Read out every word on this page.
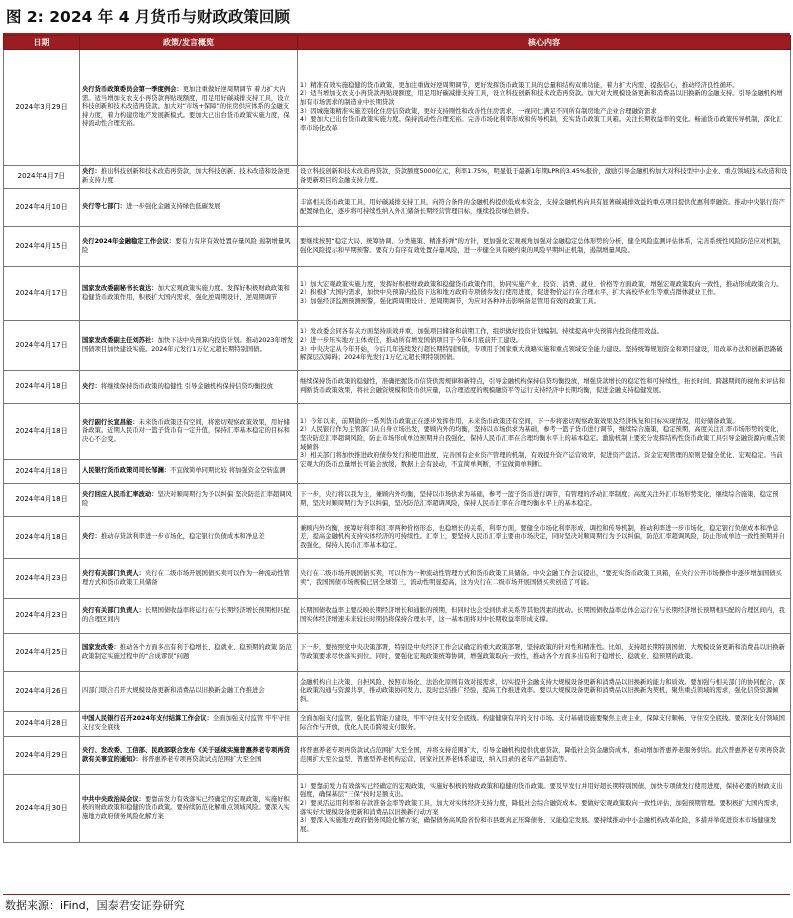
图 2: 2024 年 4 月货币与财政政策回顾
日期	政策/发言概览	核心内容
2024年3月29日	央行货币政策委员会第一季度例会：更加注重做好逆周期调节 着力扩大内需。适当增加支农支小再贷款再贴现额度，用足用好碳减排支持工具，设立科技创新和技术改造再贷款。加大对“市场+保障”的住房供应体系的金融支持力度，着力构建房地产发展新模式。要加大已出台货币政策实施力度，保持流动性合理充裕。	1）精准有效实施稳健的货币政策，更加注重做好逆周期调节，更好发挥货币政策工具的总量和结构双重功能，着力扩大内需、提振信心，推动经济良性循环。
2）适当增加支农支小再贷款再贴现额度，用足用好碳减排支持工具，设立科技创新和技术改造再贷款。加大对大规模设备更新和消费品以旧换新的金融支持。引导金融机构增加有市场需求的制造业中长期贷款
3）因城施策精准实施差别化住房信贷政策，更好支持刚性和改善性住房需求，一视同仁满足不同所有制房地产企业合理融资需求
4）要加大已出台货币政策实施力度。保持流动性合理充裕。完善市场化利率形成和传导机制，充实货币政策工具箱。关注长期收益率的变化。畅通货币政策传导机制，深化汇率市场化改革
2024年4月7日	央行：推出科技创新和技术改造再贷款，加大科技创新、技术改造和设备更新支持力度	设立科技创新和技术改造再贷款，贷款额度5000亿元，利率1.75%，明显低于最新1年期LPR的3.45%报价，激励引导金融机构加大对科技型中小企业、重点领域技术改造和设备更新项目的金融支持力度。
2024年4月10日	央行等七部门：进一步强化金融支持绿色低碳发展	丰富相关货币政策工具，用好碳减排支持工具，向符合条件的金融机构提供低成本资金，支持金融机构向具有显著碳减排效益的重点项目提供优惠利率融资。推动中央银行资产配置绿色化，逐步将可持续性纳入外汇储备长期经营管理目标，继续投资绿色债券。
2024年4月15日	央行2024年金融稳定工作会议：要有力有序有效处置存量风险 遏制增量风险	要继续按照“稳定大局、统筹协调、分类施策、精准拆弹”的方针，更加强化宏观视角加强对金融稳定总体形势的分析，健全风险监测评估体系，完善系统性风险防范应对机制，强化风险提示和早期预警。要有力有序有效处置存量风险，进一步健全具有硬约束的风险早期纠正机制，遏制增量风险。
2024年4月17日	国家发改委副秘书长袁达：加大宏观政策实施力度。发挥好积极财政政策和稳健货币政策作用，积极扩大国内需求，强化逆周期设计、逆周期调节	1）加大宏观政策实施力度，发挥好积极财政政策和稳健货币政策作用，协同实施产业、投资、消费、就业、价格等方面政策，增强宏观政策取向一致性，推动形成政策合力。
2）积极扩大国内需求，加快中央预算内投资下达和地方政府专项债券发行使用进度，促进物价运行在合理水平，扩大高校毕业生等重点群体就业工作。
3）加强经济监测预测预警，强化跨周期设计、逆周期调节，为应对各种冲击影响备足管用有效的政策工具。
2024年4月17日	国家发改委副主任刘苏社：加快下达中央预算内投资计划。推动2023年增发国债项目加快建设实施。2024年元发行1万亿元超长期特别国债。	1）发改委会同各有关方面坚持质效并重，加强项目储备和前期工作，组织做好投资计划编制。持续提高中央预算内投资使用效益。
2）进一步压实地方主体责任，推动所有增发国债项目于今年6月底前开工建设。
3）中央决定从今年开始，今后几年连续发行超长期特别国债，专项用于国家重大战略实施和重点领域安全能力建设。坚持统筹规划资金和项目建设，用改革办法和创新思路破解深层次障碍；2024年先发行1万亿元超长期特别国债。
2024年4月18日	央行：将继续保持货币政策的稳健性 引导金融机构保持信贷均衡投放	继续保持货币政策的稳健性，准确把握货币信贷供需规律和新特点，引导金融机构保持信贷均衡投放，增强贷款增长的稳定性和可持续性，拓长时间、跨越期间的视角来评估和判断货币政策效果，将社会融资规模和货币供应量，以合理适度的规模融资平等运行支持经济中长期均衡，促进金融支持稳健发展。
2024年4月18日	央行副行长宣昌能：未来货币政策还有空间，将密切观察政策效果，用好储备政策。近期人民币对一篮子货币有一定升值，保持汇率基本稳定的目标和决心不会变。	1）今年以来，前期做的一系列货币政策正在逐步发挥作用，未来货币政策还有空间，下一步将密切观察政策效果及经济恢复和目标实现情况，用好储备政策。
2）人民银行作为主管部门从自身立场出发，要顾内外的均衡，坚持以市场供求为基础，参考一篮子货币进行调节，继续综合施策，稳定预期，高度关注汇率市场形势的变化，坚决防范汇率超调风险，防止市场形成单边预期并自我强化，保持人民币汇率在合理均衡水平上的基本稳定。激励机制上要充分发挥结构性货币政策工具引导金融资源向重点领域倾斜
3）相关部门将加快推进政府债券发行和使用进度，完善国有企业资产管理的机制，有效提升资产运营效率，促进资产盘活。资金宏观管理的原则是健全优化、宏观稳定。当前宏观大的货币总量增长可能会放缓，数据上会有波动，不宜简单判断，不宜做简单判断。
2024年4月18日	人民银行货币政策司司长邹澜：不宜做简单同期比较 将加强资金空转监测	
2024年4月18日	央行回应人民币汇率波动：坚决对顺周期行为予以纠偏 坚决防范汇率超调风险	下一步，央行将以我为主，兼顾内外均衡，坚持以市场供求为基础，参考一篮子货币进行调节，有管理的浮动汇率制度；高度关注外汇市场形势变化，继续综合施策、稳定预期，坚决对顺周期行为予以纠偏，坚决防范汇率超调风险，保持人民币汇率在合理均衡水平上的基本稳定。
2024年4月18日	央行：推动存贷款利率进一步市场化，稳定银行负债成本和净息差	兼顾内外均衡，统筹好利率和汇率两种价格形态，也稳增长的关系，利率方面，要健全市场化利率形成、调控和传导机制，推动利率进一步市场化，稳定银行负债成本和净息差，提高金融机构支持实体经济的可持续性。汇率上，要坚持人民币汇率主要由市场决定，同时坚决对顺周期行为予以纠偏，防范汇率超调风险，防止形成单边一致性预期并自我强化，保持人民币汇率基本稳定。
2024年4月23日	央行有关部门负责人：央行在二级市场开展国债买卖可以作为一种流动性管理方式和货币政策工具储备	央行在二级市场开展国债买卖，可以作为一种流动性管理方式和货币政策工具储备。中央金融工作会议提出，“要充实货币政策工具箱，在央行公开市场操作中逐步增加国债买卖”，我国国债市场规模已居全球第三，流动性明显提高，这为央行在二级市场开展国债买卖创造了可能。
2024年4月23日	央行有关部门负责人：长期国债收益率将运行在与长期经济增长预期相匹配的合理区间内	长期国债收益率主要反映长期经济增长和通胀的预期，但同时也会受到供求关系等其他因素的扰动。长期国债收益率总体会运行在与长期经济增长预期相匹配的合理区间内，我国实体经济增速未来较长时期仍将保持合理水平，这一基本面将对中长期收益率形成支撑。
2024年4月25日	国家发改委：推动各个方面多出有利于稳增长、稳就业、稳预期的政策 防范政策制定实施过程中的“合成谬误”问题	下一步，要按照党中央决策部署，特别是中央经济工作会议确定的重大政策部署，坚持政策的针对性和精准性。比如，支持超长期特别国债、大规模设备更新和消费品以旧换新等政策要求尽快落实到位。同时，要强化宏观政策统筹协调，增强政策取向一致性，推动各个方面多出有利于稳增长、稳就业、稳预期的政策。
2024年4月26日	四部门联合召开大规模设备更新和消费品以旧换新金融工作推进会	金融机构自主决策、自担风险、按照市场化、法治化原则有效对接需求，切实提升金融支持大规模设备更新和消费品以旧换新的能力和质效。要加强与相关部门的协同配合，深化政策沟通与资源共享，推动政策协同发力，及时总结推广经验，提高工作推进效率。要以大规模设备更新和消费品以旧换新为契机，聚焦重点领域的需求，强化信贷资源倾斜。
2024年4月28日	中国人民银行召开2024年支付结算工作会议：全面加强支付监管 牢牢守住支付安全底线	全面加强支付监管，强化监管能力建设，牢牢守住支付安全底线。构建健康有序的支付市场。支付基础设施要聚焦主责主业，保障支付顺畅、守住安全底线。要深化支付领域国际合作与开放，优化人民币跨境支付服务。
2024年4月29日	央行、发改委、工信部、民政部联合发布《关于延续实施普惠养老专项再贷款有关事宜的通知》：将普惠养老专项再贷款试点范围扩大至全国	将普惠养老专项再贷款试点范围扩大至全国，并将支持范围扩大，引导金融机构提供优惠贷款，降低社会资金融资成本，推动增加普惠养老服务供给。此次普惠养老专项再贷款范围扩大至公益型、普惠型养老机构运营，居家社区养老体系建设，纳入目录的老年产品制造等。
2024年4月30日	中共中央政治局会议：要靠前发力有效落实已经确定的宏观政策，实施好积极的财政政策和稳健的货币政策。要持续防范化解重点领域风险。要深入实施地方政府债务风险化解方案	1）要靠前发力有效落实已经确定的宏观政策，实施好积极的财政政策和稳健的货币政策。要及早发行并用好超长期特别国债，加快专项债发行使用进度，保持必要的财政支出强度，确保基层“三保”按时足额支出。
2）要灵活运用利率和存款准备金率等政策工具，加大对实体经济支持力度，降低社会综合融资成本。要做好宏观政策取向一致性评估，加强预期管理。要积极扩大国内需求，落实好大规模设备更新和消费品以旧换新行动方案
3）要深入实施地方政府债务风险化解方案，确保债务高风险省份和市县既真正压降债务、又能稳定发展。要持续推动中小金融机构改革化险，多措并举促进资本市场健康发展。
数据来源：iFind，国泰君安证券研究
